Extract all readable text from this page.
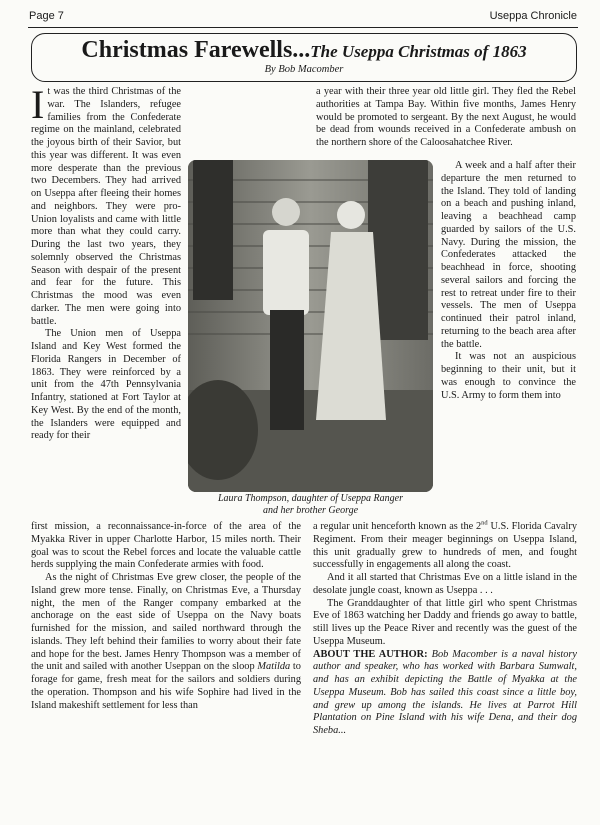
Page 7	Useppa Chronicle
Christmas Farewells...The Useppa Christmas of 1863
By Bob Macomber

It was the third Christmas of the war. The Islanders, refugee families from the Confederate regime on the mainland, celebrated the joyous birth of their Savior, but this year was different. It was even more desperate than the previous two Decembers. They had arrived on Useppa after fleeing their homes and neighbors. They were pro-Union loyalists and came with little more than what they could carry. During the last two years, they solemnly observed the Christmas Season with despair of the present and fear for the future. This Christmas the mood was even darker. The men were going into battle.

The Union men of Useppa Island and Key West formed the Florida Rangers in December of 1863. They were reinforced by a unit from the 47th Pennsylvania Infantry, stationed at Fort Taylor at Key West. By the end of the month, the Islanders were equipped and ready for their

a year with their three year old little girl. They fled the Rebel authorities at Tampa Bay. Within five months, James Henry would be promoted to sergeant. By the next August, he would be dead from wounds received in a Confederate ambush on the northern shore of the Caloosahatchee River.

Laura Thompson, daughter of Useppa Ranger
and her brother George

A week and a half after their departure the men returned to the Island. They told of landing on a beach and pushing inland, leaving a beachhead camp guarded by sailors of the U.S. Navy. During the mission, the Confederates attacked the beachhead in force, shooting several sailors and forcing the rest to retreat under fire to their vessels. The men of Useppa continued their patrol inland, returning to the beach area after the battle.

It was not an auspicious beginning to their unit, but it was enough to convince the U.S. Army to form them into

first mission, a reconnaissance-in-force of the area of the Myakka River in upper Charlotte Harbor, 15 miles north. Their goal was to scout the Rebel forces and locate the valuable cattle herds supplying the main Confederate armies with food.

As the night of Christmas Eve grew closer, the people of the Island grew more tense. Finally, on Christmas Eve, a Thursday night, the men of the Ranger company embarked at the anchorage on the east side of Useppa on the Navy boats furnished for the mission, and sailed northward through the islands. They left behind their families to worry about their fate and hope for the best. James Henry Thompson was a member of the unit and sailed with another Useppan on the sloop Matilda to forage for game, fresh meat for the sailors and soldiers during the operation. Thompson and his wife Sophire had lived in the Island makeshift settlement for less than

a regular unit henceforth known as the 2nd U.S. Florida Cavalry Regiment. From their meager beginnings on Useppa Island, this unit gradually grew to hundreds of men, and fought successfully in engagements all along the coast.

And it all started that Christmas Eve on a little island in the desolate jungle coast, known as Useppa . . .

The Granddaughter of that little girl who spent Christmas Eve of 1863 watching her Daddy and friends go away to battle, still lives up the Peace River and recently was the guest of the Useppa Museum.

ABOUT THE AUTHOR: Bob Macomber is a naval history author and speaker, who has worked with Barbara Sumwalt, and has an exhibit depicting the Battle of Myakka at the Useppa Museum. Bob has sailed this coast since a little boy, and grew up among the islands. He lives at Parrot Hill Plantation on Pine Island with his wife Dena, and their dog Sheba...
